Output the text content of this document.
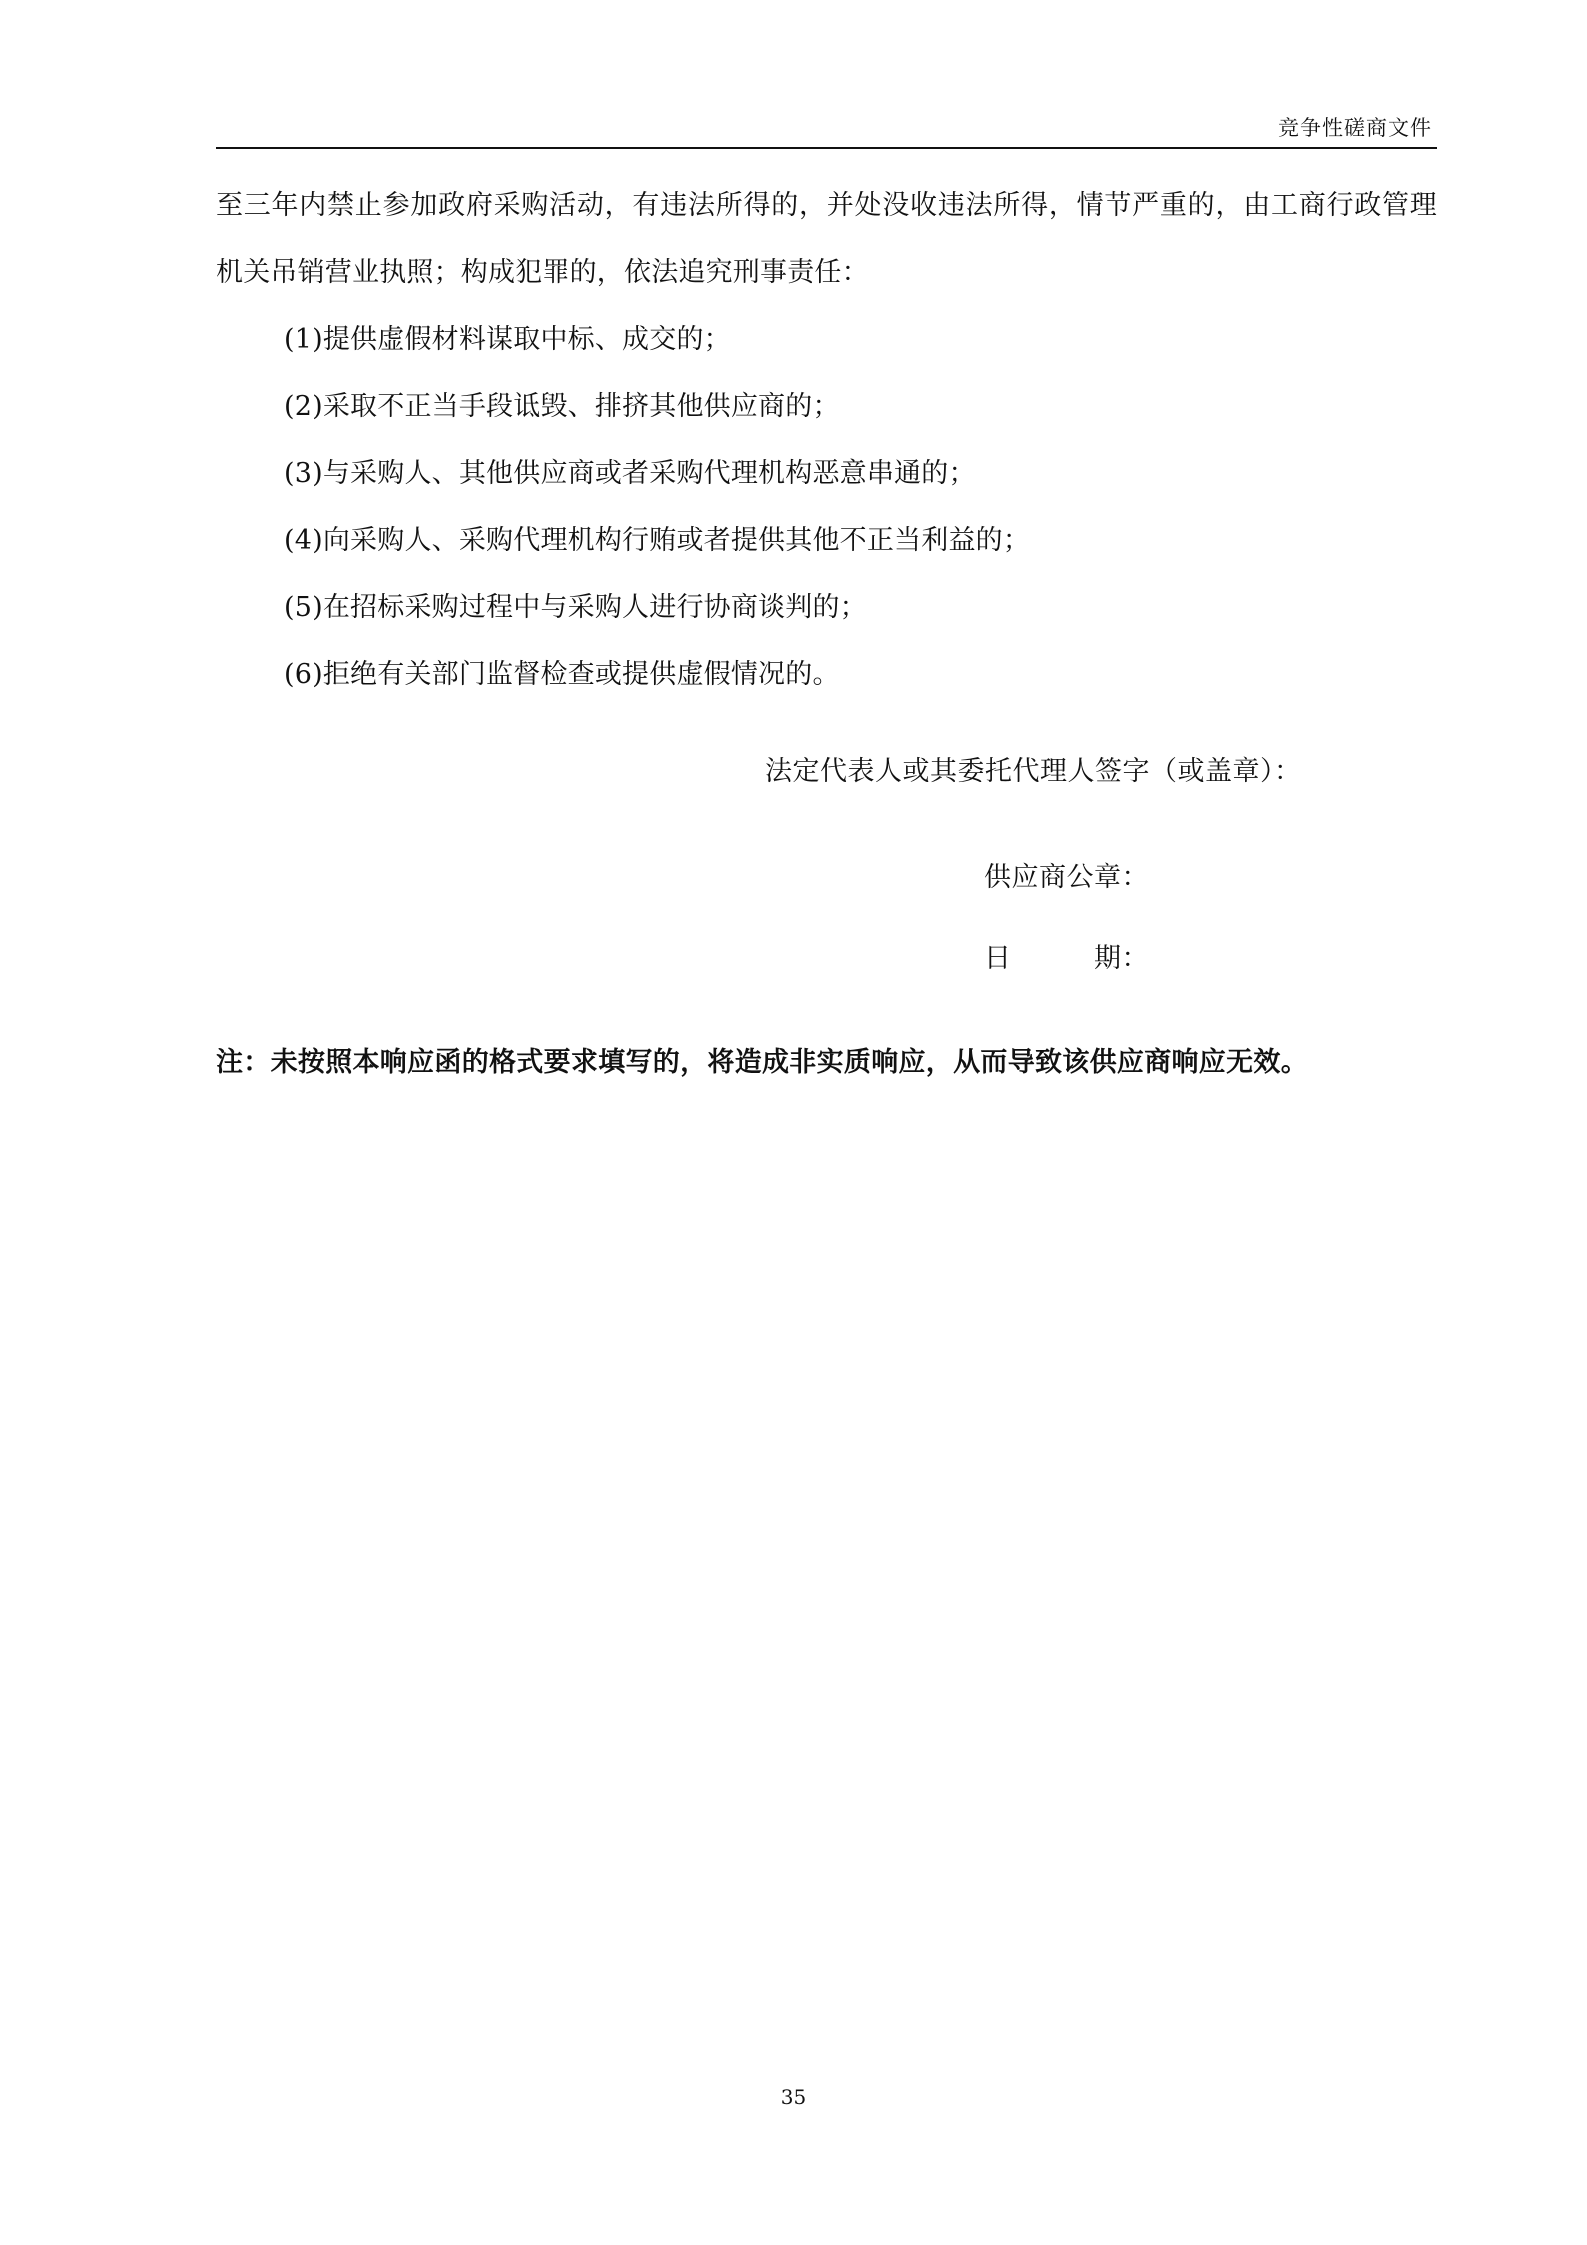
竞争性磋商文件

至三年内禁止参加政府采购活动，有违法所得的，并处没收违法所得，情节严重的，由工商行政管理机关吊销营业执照；构成犯罪的，依法追究刑事责任：

(1)提供虚假材料谋取中标、成交的；

(2)采取不正当手段诋毁、排挤其他供应商的；

(3)与采购人、其他供应商或者采购代理机构恶意串通的；

(4)向采购人、采购代理机构行贿或者提供其他不正当利益的；

(5)在招标采购过程中与采购人进行协商谈判的；

(6)拒绝有关部门监督检查或提供虚假情况的。

法定代表人或其委托代理人签字（或盖章）：
供应商公章：
日　　　期：
注：未按照本响应函的格式要求填写的，将造成非实质响应，从而导致该供应商响应无效。
35
